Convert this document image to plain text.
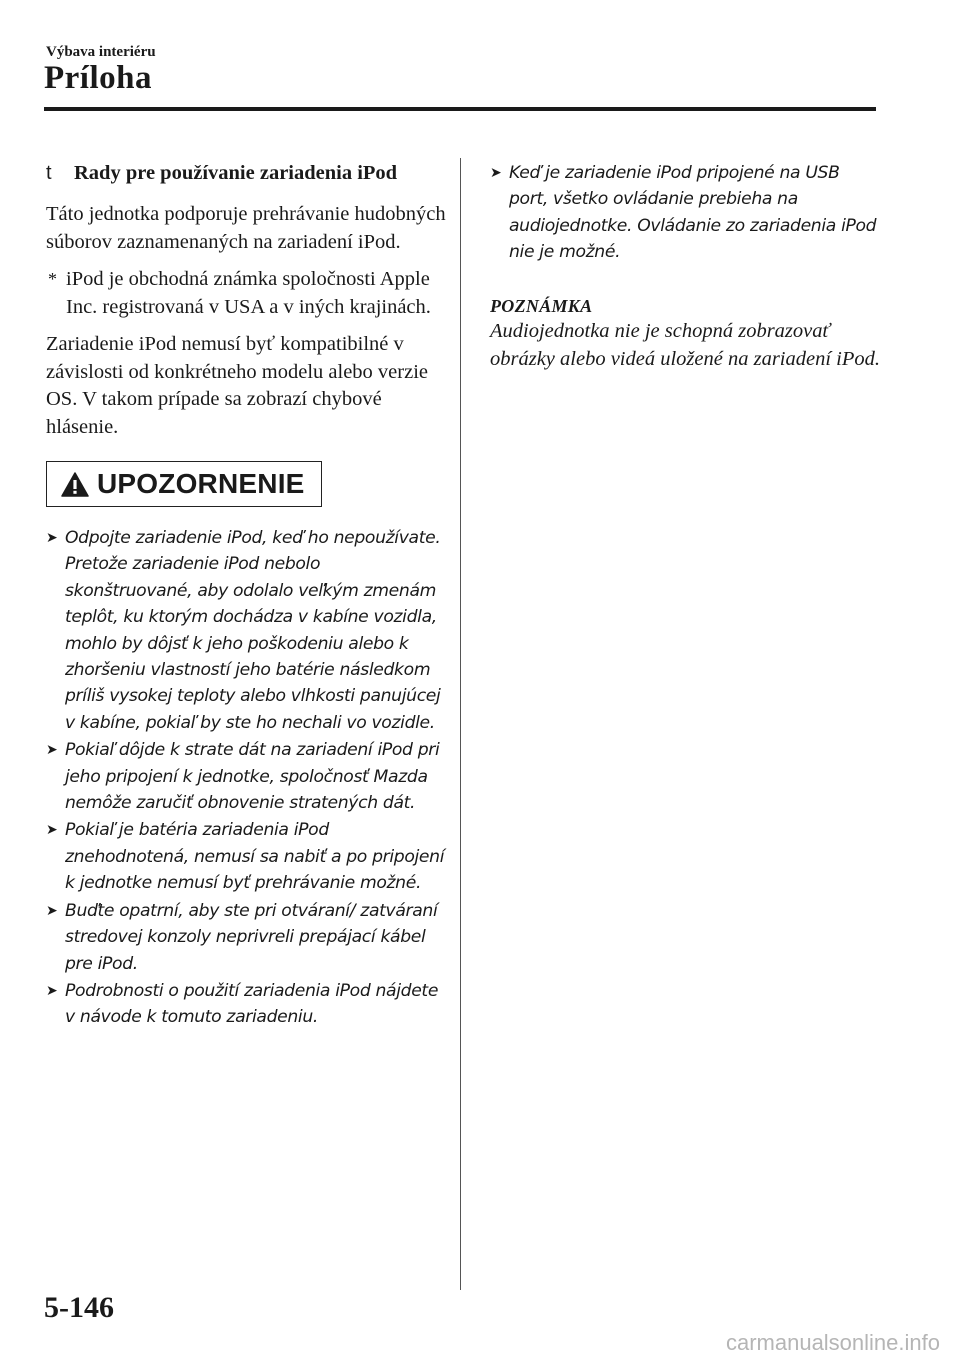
Výbava interiéru
Príloha
t Rady pre používanie zariadenia iPod

Táto jednotka podporuje prehrávanie hudobných súborov zaznamenaných na zariadení iPod.

* iPod je obchodná známka spoločnosti Apple Inc. registrovaná v USA a v iných krajinách.

Zariadenie iPod nemusí byť kompatibilné v závislosti od konkrétneho modelu alebo verzie OS. V takom prípade sa zobrazí chybové hlásenie.

UPOZORNENIE
➤ Odpojte zariadenie iPod, keď ho nepoužívate. Pretože zariadenie iPod nebolo skonštruované, aby odolalo veľkým zmenám teplôt, ku ktorým dochádza v kabíne vozidla, mohlo by dôjsť k jeho poškodeniu alebo k zhoršeniu vlastností jeho batérie následkom príliš vysokej teploty alebo vlhkosti panujúcej v kabíne, pokiaľ by ste ho nechali vo vozidle.
➤ Pokiaľ dôjde k strate dát na zariadení iPod pri jeho pripojení k jednotke, spoločnosť Mazda nemôže zaručiť obnovenie stratených dát.
➤ Pokiaľ je batéria zariadenia iPod znehodnotená, nemusí sa nabiť a po pripojení k jednotke nemusí byť prehrávanie možné.
➤ Buďte opatrní, aby ste pri otváraní/ zatváraní stredovej konzoly neprivreli prepájací kábel pre iPod.
➤ Podrobnosti o použití zariadenia iPod nájdete v návode k tomuto zariadeniu.
➤ Keď je zariadenie iPod pripojené na USB port, všetko ovládanie prebieha na audiojednotke. Ovládanie zo zariadenia iPod nie je možné.
POZNÁMKA
Audiojednotka nie je schopná zobrazovať obrázky alebo videá uložené na zariadení iPod.
5-146
carmanualsonline.info
